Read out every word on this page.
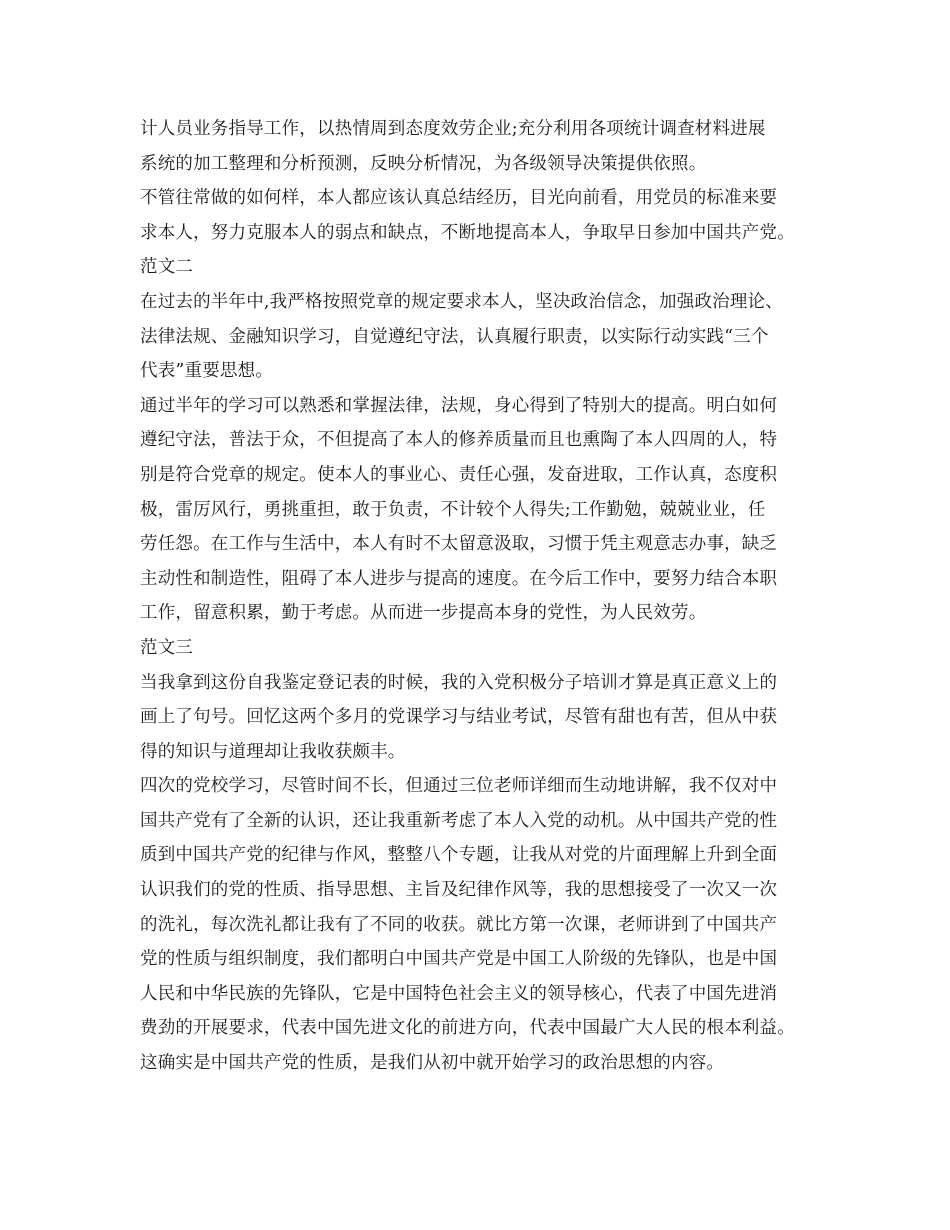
计人员业务指导工作，以热情周到态度效劳企业;充分利用各项统计调查材料进展
系统的加工整理和分析预测，反映分析情况，为各级领导决策提供依照。
不管往常做的如何样，本人都应该认真总结经历，目光向前看，用党员的标准来要
求本人，努力克服本人的弱点和缺点，不断地提高本人，争取早日参加中国共产党。
范文二
在过去的半年中,我严格按照党章的规定要求本人，坚决政治信念，加强政治理论、
法律法规、金融知识学习，自觉遵纪守法，认真履行职责，以实际行动实践“三个
代表”重要思想。
通过半年的学习可以熟悉和掌握法律，法规，身心得到了特别大的提高。明白如何
遵纪守法，普法于众，不但提高了本人的修养质量而且也熏陶了本人四周的人，特
别是符合党章的规定。使本人的事业心、责任心强，发奋进取，工作认真，态度积
极，雷厉风行，勇挑重担，敢于负责，不计较个人得失;工作勤勉，兢兢业业，任
劳任怨。在工作与生活中，本人有时不太留意汲取，习惯于凭主观意志办事，缺乏
主动性和制造性，阻碍了本人进步与提高的速度。在今后工作中，要努力结合本职
工作，留意积累，勤于考虑。从而进一步提高本身的党性，为人民效劳。
范文三
当我拿到这份自我鉴定登记表的时候，我的入党积极分子培训才算是真正意义上的
画上了句号。回忆这两个多月的党课学习与结业考试，尽管有甜也有苦，但从中获
得的知识与道理却让我收获颇丰。
四次的党校学习，尽管时间不长，但通过三位老师详细而生动地讲解，我不仅对中
国共产党有了全新的认识，还让我重新考虑了本人入党的动机。从中国共产党的性
质到中国共产党的纪律与作风，整整八个专题，让我从对党的片面理解上升到全面
认识我们的党的性质、指导思想、主旨及纪律作风等，我的思想接受了一次又一次
的洗礼，每次洗礼都让我有了不同的收获。就比方第一次课，老师讲到了中国共产
党的性质与组织制度，我们都明白中国共产党是中国工人阶级的先锋队，也是中国
人民和中华民族的先锋队，它是中国特色社会主义的领导核心，代表了中国先进消
费劲的开展要求，代表中国先进文化的前进方向，代表中国最广大人民的根本利益。
这确实是中国共产党的性质，是我们从初中就开始学习的政治思想的内容。
